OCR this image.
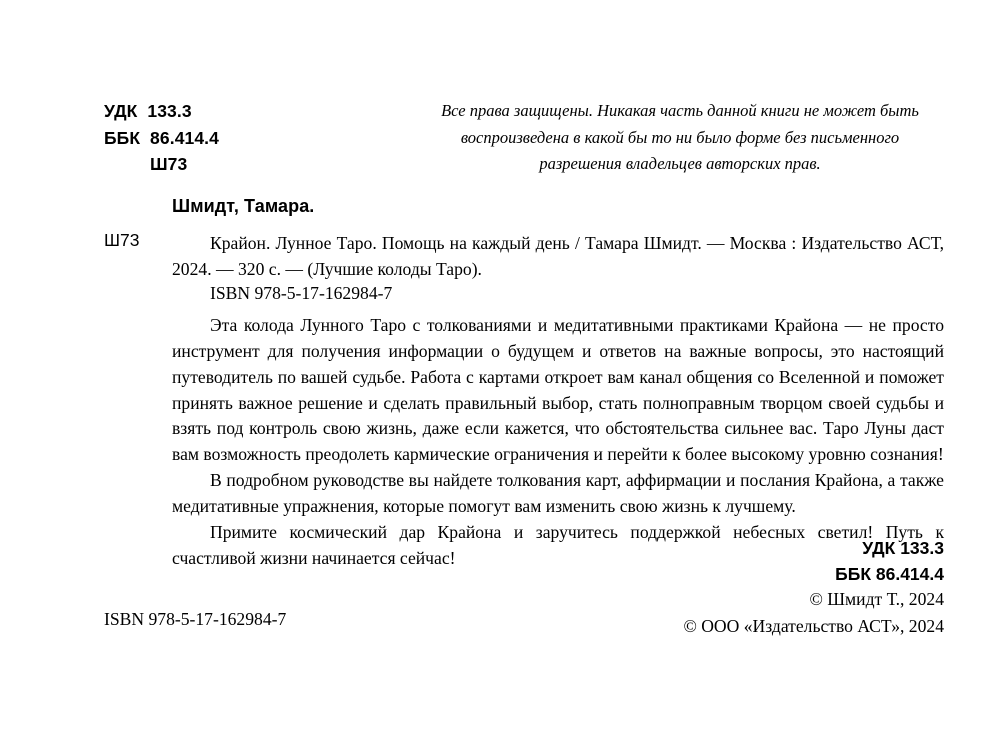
УДК  133.3
ББК  86.414.4
Ш73
Все права защищены. Никакая часть данной книги не может быть воспроизведена в какой бы то ни было форме без письменного разрешения владельцев авторских прав.
Шмидт, Тамара.
Ш73	Крайон. Лунное Таро. Помощь на каждый день / Тамара Шмидт. — Москва : Издательство АСТ, 2024. — 320 с. — (Лучшие колоды Таро).
ISBN 978-5-17-162984-7

Эта колода Лунного Таро с толкованиями и медитативными практиками Крайона — не просто инструмент для получения информации о будущем и ответов на важные вопросы, это настоящий путеводитель по вашей судьбе. Работа с картами откроет вам канал общения со Вселенной и поможет принять важное решение и сделать правильный выбор, стать полноправным творцом своей судьбы и взять под контроль свою жизнь, даже если кажется, что обстоятельства сильнее вас. Таро Луны даст вам возможность преодолеть кармические ограничения и перейти к более высокому уровню сознания!

В подробном руководстве вы найдете толкования карт, аффирмации и послания Крайона, а также медитативные упражнения, которые помогут вам изменить свою жизнь к лучшему.

Примите космический дар Крайона и заручитесь поддержкой небесных светил! Путь к счастливой жизни начинается сейчас!	УДК 133.3
ББК 86.414.4
© Шмидт Т., 2024
© ООО «Издательство АСТ», 2024
ISBN 978-5-17-162984-7
